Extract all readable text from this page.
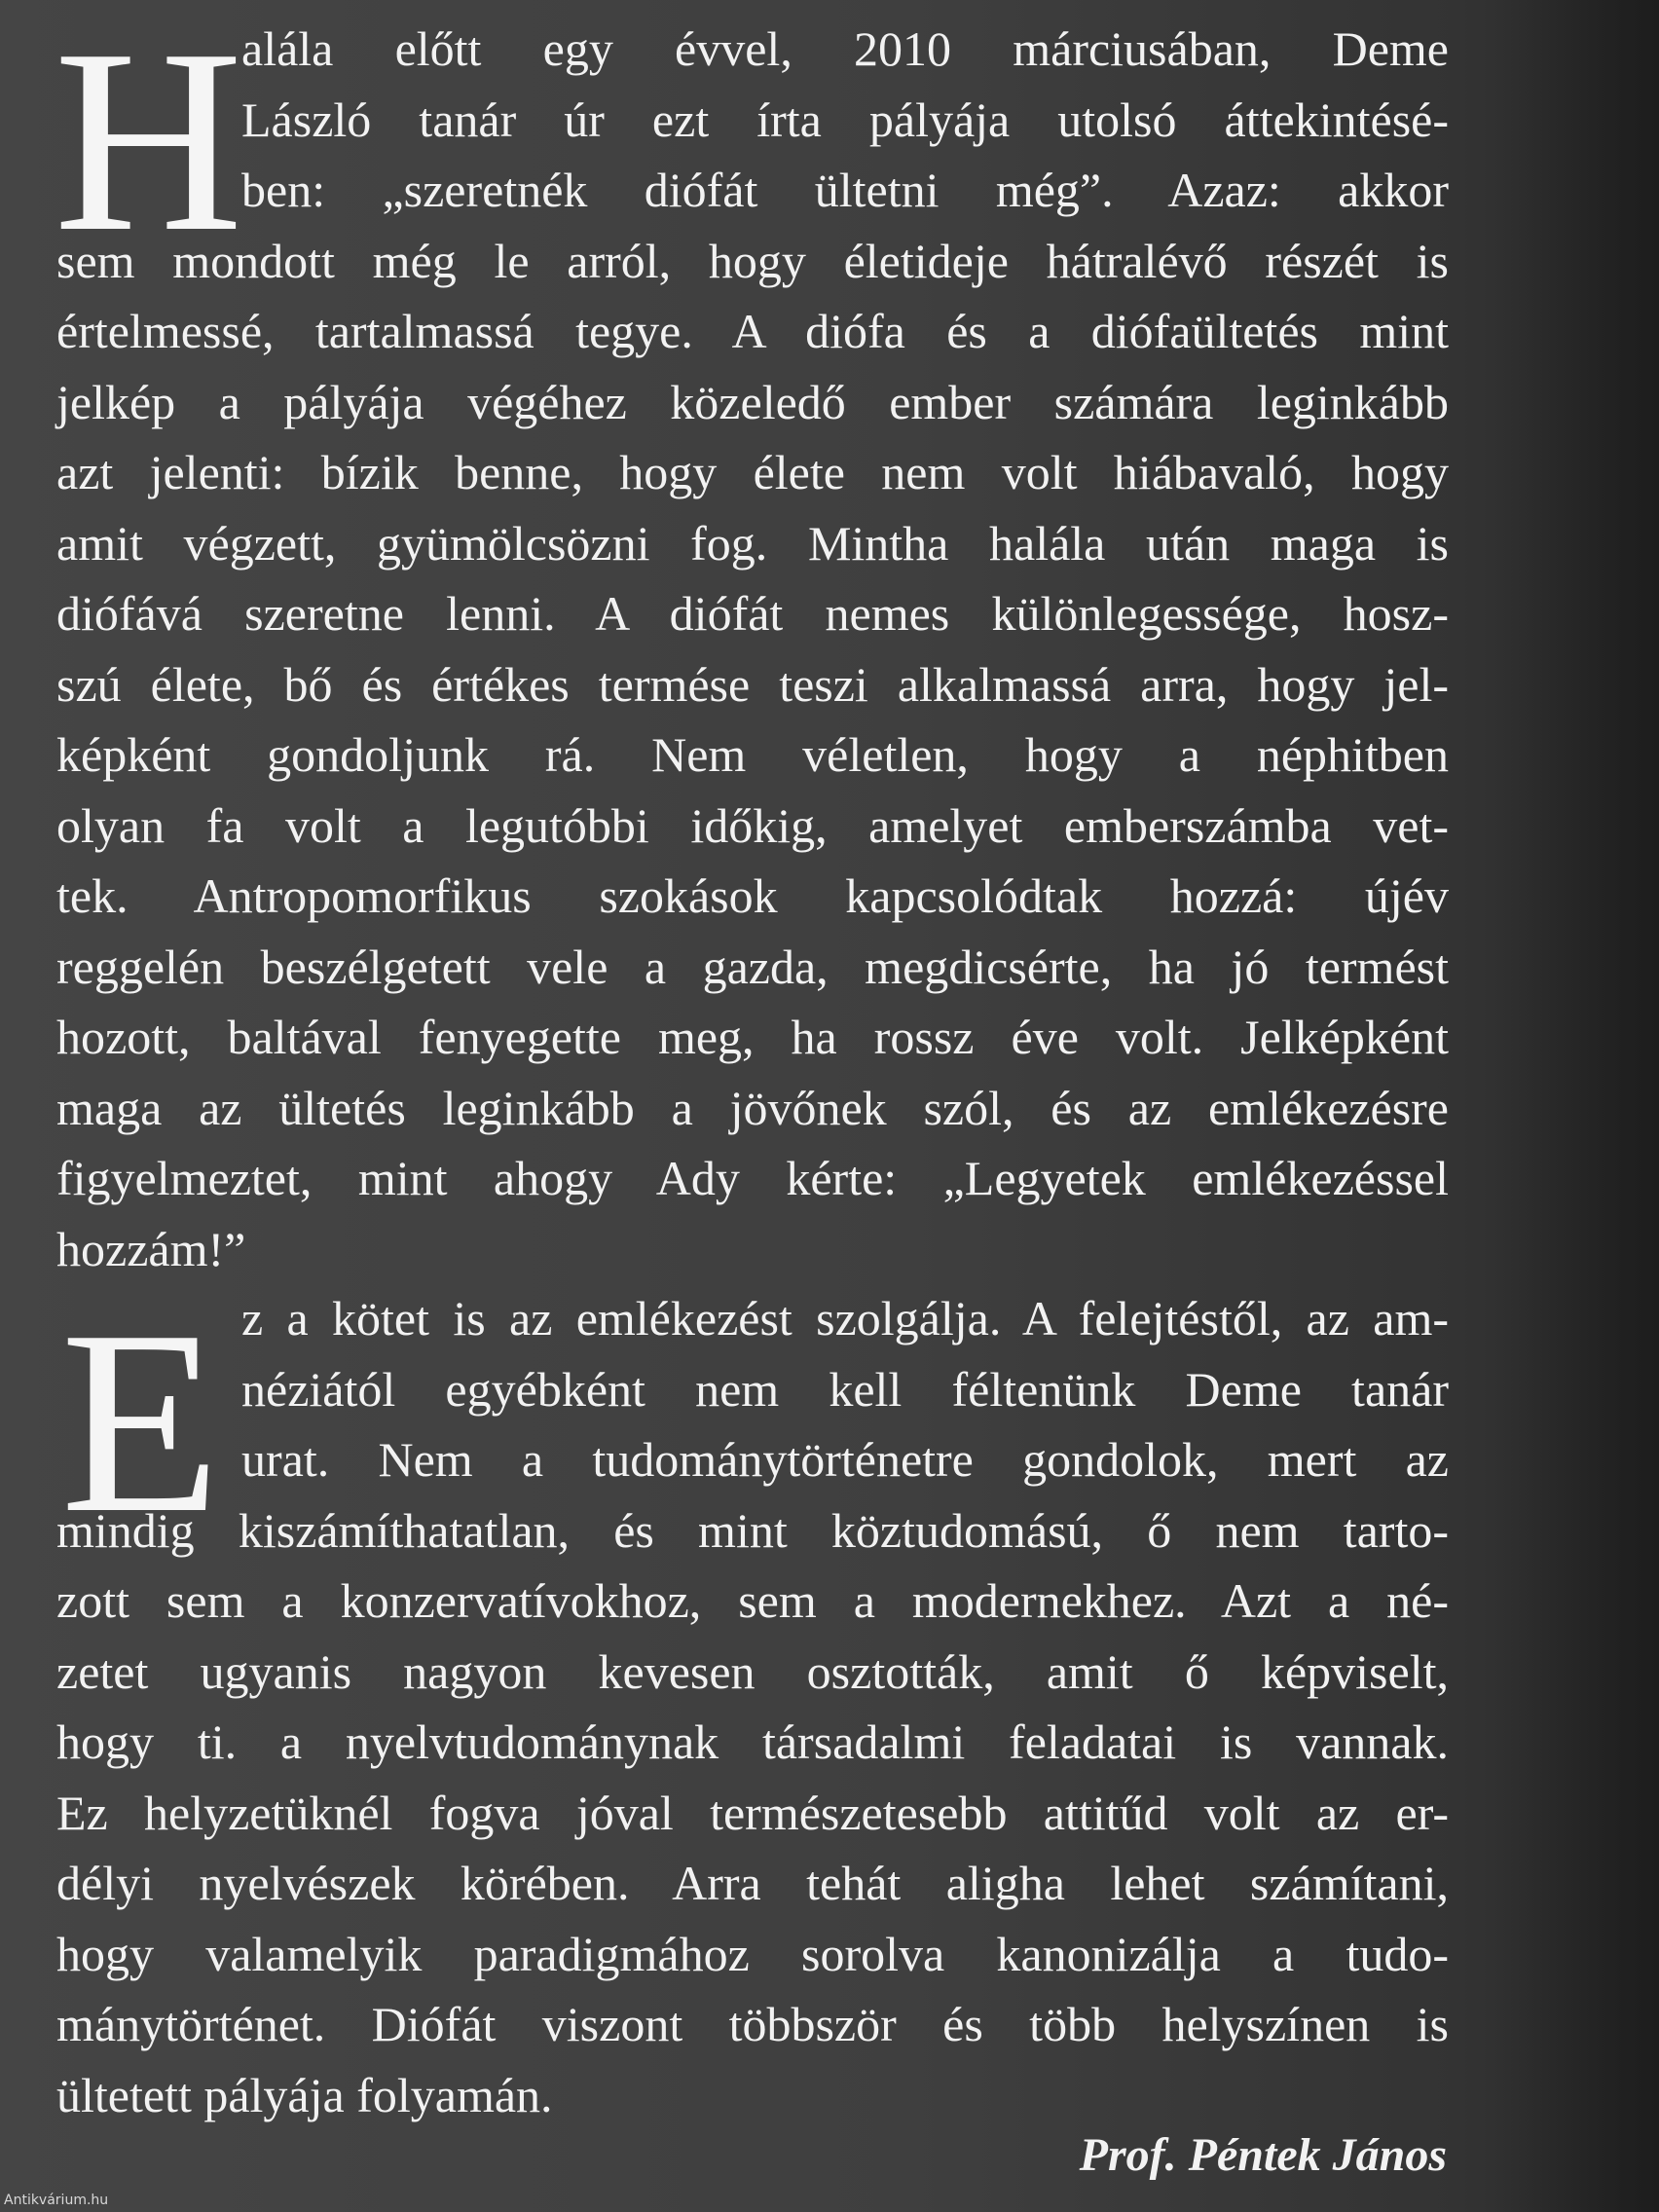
H
alála előtt egy évvel, 2010 márciusában, Deme
László tanár úr ezt írta pályája utolsó áttekintésé-
ben: „szeretnék diófát ültetni még”. Azaz: akkor
sem mondott még le arról, hogy életideje hátralévő részét is
értelmessé, tartalmassá tegye. A diófa és a diófaültetés mint
jelkép a pályája végéhez közeledő ember számára leginkább
azt jelenti: bízik benne, hogy élete nem volt hiábavaló, hogy
amit végzett, gyümölcsözni fog. Mintha halála után maga is
diófává szeretne lenni. A diófát nemes különlegessége, hosz-
szú élete, bő és értékes termése teszi alkalmassá arra, hogy jel-
képként gondoljunk rá. Nem véletlen, hogy a néphitben
olyan fa volt a legutóbbi időkig, amelyet emberszámba vet-
tek. Antropomorfikus szokások kapcsolódtak hozzá: újév
reggelén beszélgetett vele a gazda, megdicsérte, ha jó termést
hozott, baltával fenyegette meg, ha rossz éve volt. Jelképként
maga az ültetés leginkább a jövőnek szól, és az emlékezésre
figyelmeztet, mint ahogy Ady kérte: „Legyetek emlékezéssel
hozzám!”
E z a kötet is az emlékezést szolgálja. A felejtéstől, az am-
néziától egyébként nem kell féltenünk Deme tanár
urat. Nem a tudománytörténetre gondolok, mert az
mindig kiszámíthatatlan, és mint köztudomású, ő nem tarto-
zott sem a konzervatívokhoz, sem a modernekhez. Azt a né-
zetet ugyanis nagyon kevesen osztották, amit ő képviselt,
hogy ti. a nyelvtudománynak társadalmi feladatai is vannak.
Ez helyzetüknél fogva jóval természetesebb attitűd volt az er-
délyi nyelvészek körében. Arra tehát aligha lehet számítani,
hogy valamelyik paradigmához sorolva kanonizálja a tudo-
mánytörténet. Diófát viszont többször és több helyszínen is
ültetett pályája folyamán.
Prof. Péntek János
Antikvárium.hu
